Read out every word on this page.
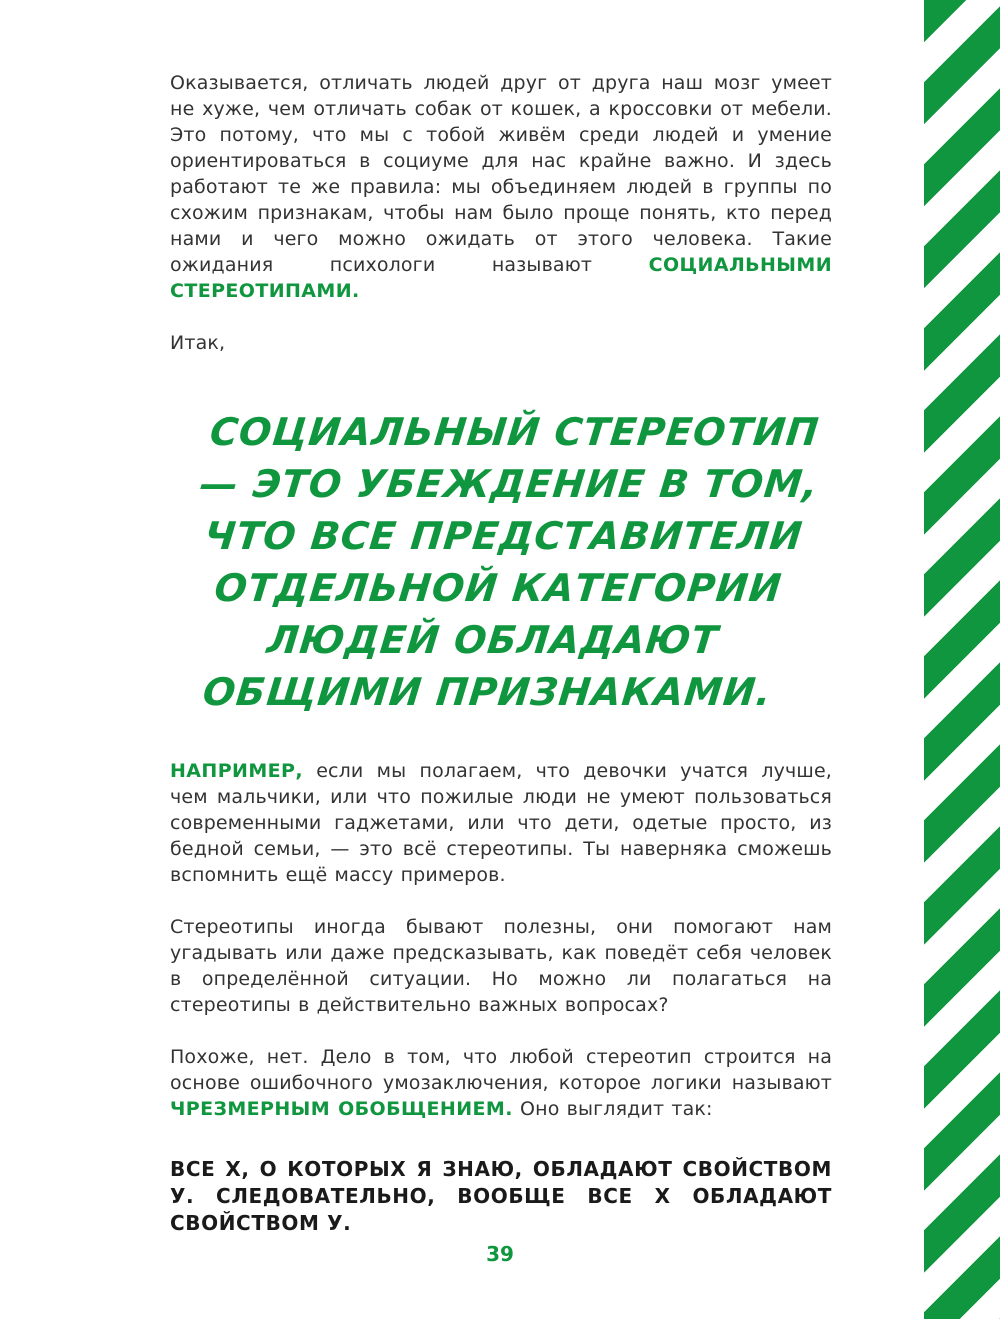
Оказывается, отличать людей друг от друга наш мозг умеет не хуже, чем отличать собак от кошек, а кроссовки от мебели. Это потому, что мы с тобой живём среди людей и умение ориентироваться в социуме для нас крайне важно. И здесь работают те же правила: мы объединяем людей в группы по схожим признакам, чтобы нам было проще понять, кто перед нами и чего можно ожидать от этого человека. Такие ожидания психологи называют СОЦИАЛЬНЫМИ СТЕРЕОТИПАМИ.

Итак,

СОЦИАЛЬНЫЙ СТЕРЕОТИП — ЭТО УБЕЖДЕНИЕ В ТОМ, ЧТО ВСЕ ПРЕДСТАВИТЕЛИ ОТДЕЛЬНОЙ КАТЕГОРИИ ЛЮДЕЙ ОБЛАДАЮТ ОБЩИМИ ПРИЗНАКАМИ.

НАПРИМЕР, если мы полагаем, что девочки учатся лучше, чем мальчики, или что пожилые люди не умеют пользоваться современными гаджетами, или что дети, одетые просто, из бедной семьи, — это всё стереотипы. Ты наверняка сможешь вспомнить ещё массу примеров.

Стереотипы иногда бывают полезны, они помогают нам угадывать или даже предсказывать, как поведёт себя человек в определённой ситуации. Но можно ли полагаться на стереотипы в действительно важных вопросах?

Похоже, нет. Дело в том, что любой стереотип строится на основе ошибочного умозаключения, которое логики называют ЧРЕЗМЕРНЫМ ОБОБЩЕНИЕМ. Оно выглядит так:

ВСЕ Х, О КОТОРЫХ Я ЗНАЮ, ОБЛАДАЮТ СВОЙСТВОМ У. СЛЕДОВАТЕЛЬНО, ВООБЩЕ ВСЕ Х ОБЛАДАЮТ СВОЙСТВОМ У.

39
